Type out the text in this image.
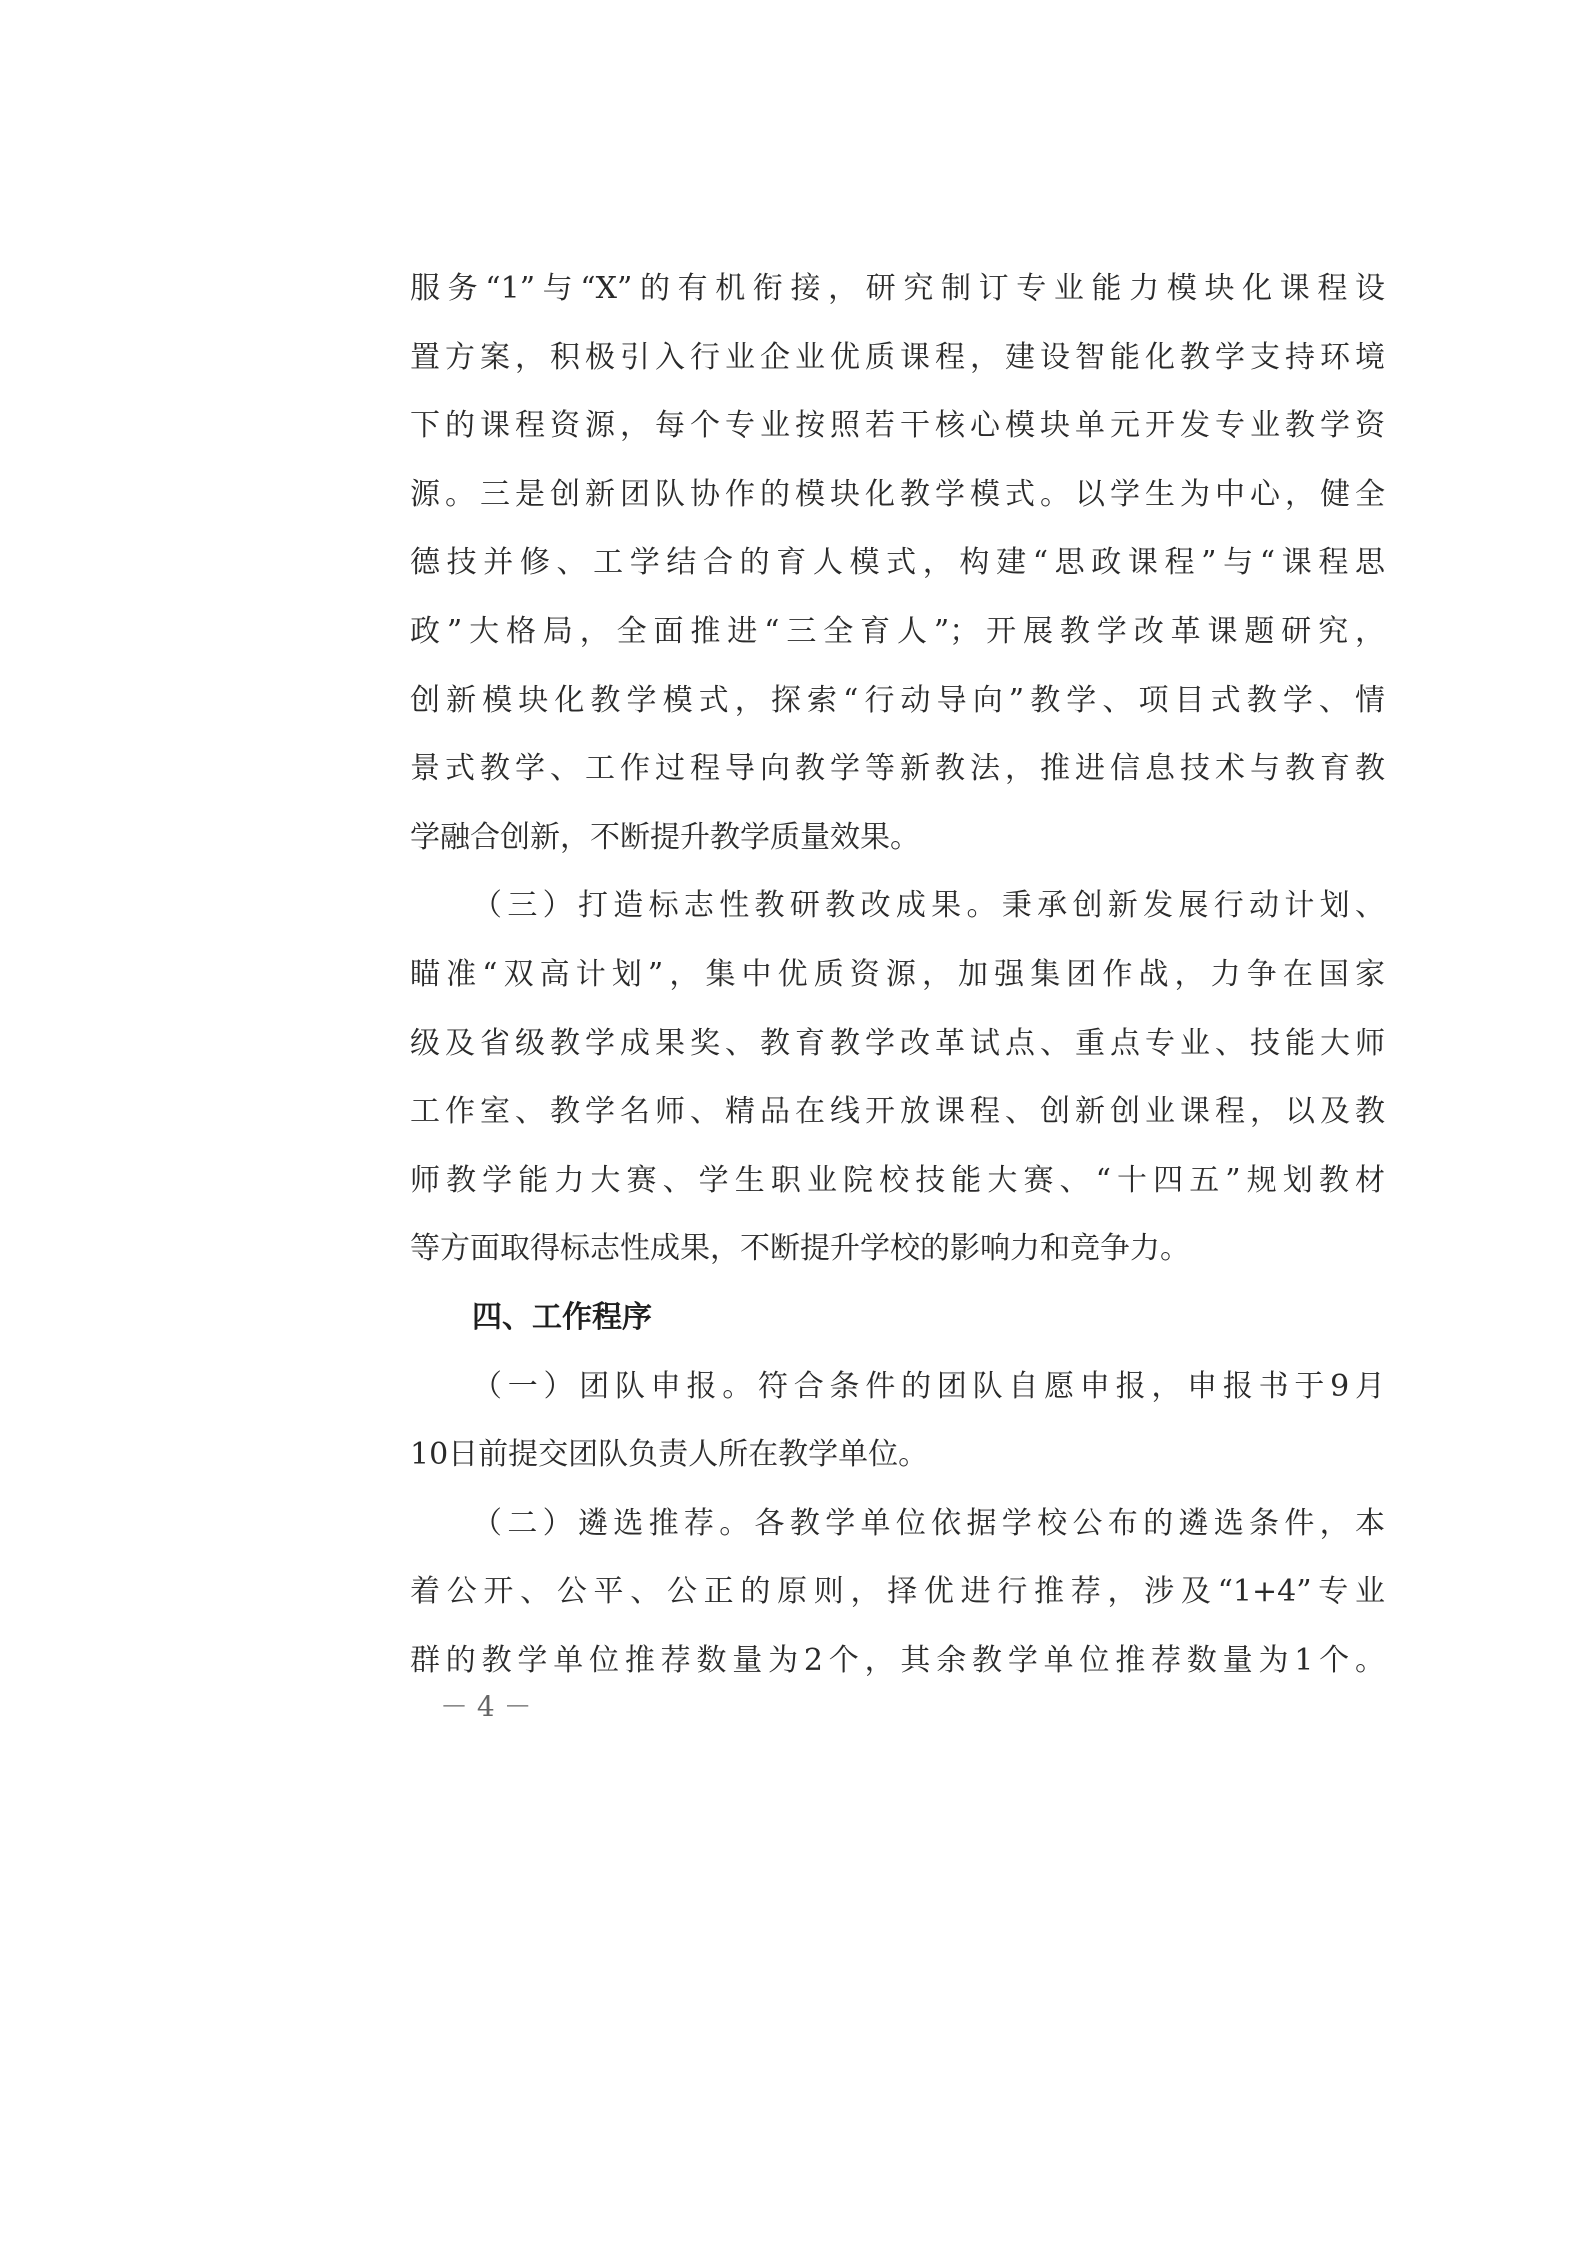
服务“1”与“X”的有机衔接，研究制订专业能力模块化课程设
置方案，积极引入行业企业优质课程，建设智能化教学支持环境
下的课程资源，每个专业按照若干核心模块单元开发专业教学资
源。三是创新团队协作的模块化教学模式。以学生为中心，健全
德技并修、工学结合的育人模式，构建“思政课程”与“课程思
政”大格局，全面推进“三全育人”；开展教学改革课题研究，
创新模块化教学模式，探索“行动导向”教学、项目式教学、情
景式教学、工作过程导向教学等新教法，推进信息技术与教育教
学融合创新，不断提升教学质量效果。
（三）打造标志性教研教改成果。秉承创新发展行动计划、
瞄准“双高计划”，集中优质资源，加强集团作战，力争在国家
级及省级教学成果奖、教育教学改革试点、重点专业、技能大师
工作室、教学名师、精品在线开放课程、创新创业课程，以及教
师教学能力大赛、学生职业院校技能大赛、“十四五”规划教材
等方面取得标志性成果，不断提升学校的影响力和竞争力。
四、工作程序
（一）团队申报。符合条件的团队自愿申报，申报书于9月
10日前提交团队负责人所在教学单位。
（二）遴选推荐。各教学单位依据学校公布的遴选条件，本
着公开、公平、公正的原则，择优进行推荐，涉及“1+4”专业
群的教学单位推荐数量为2个，其余教学单位推荐数量为1个。
－ 4 －
